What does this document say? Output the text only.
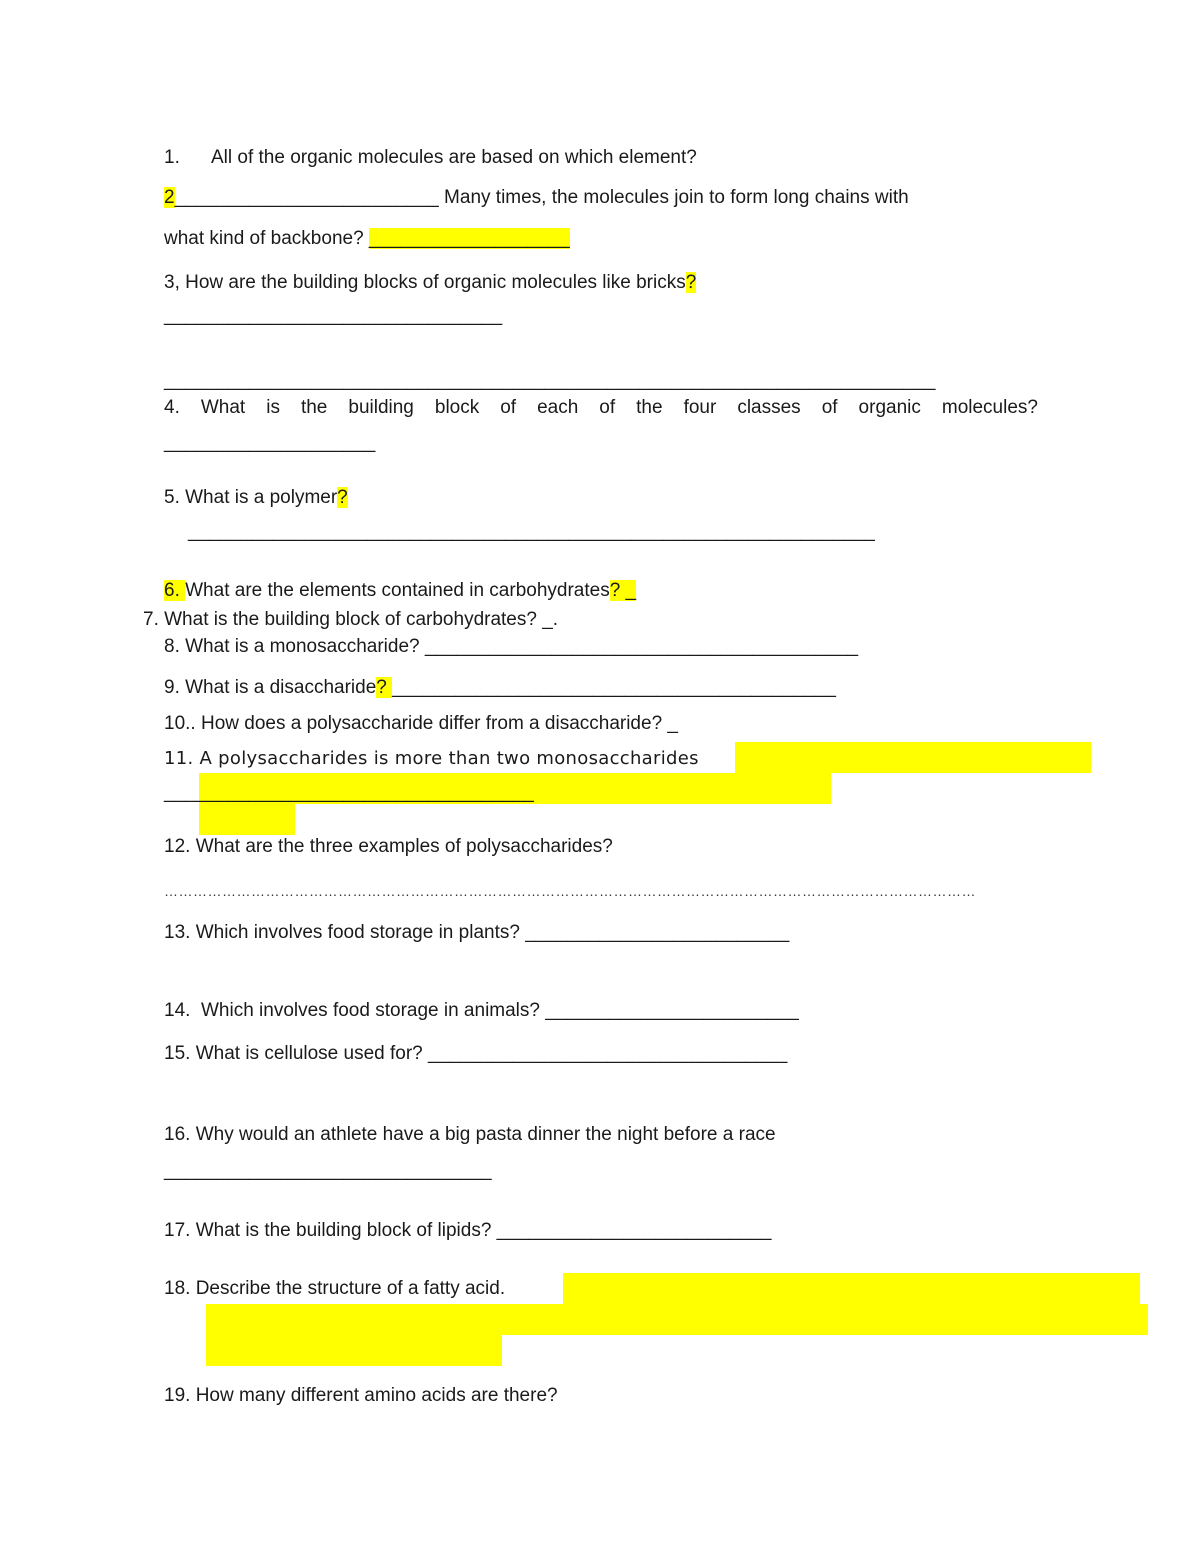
1. All of the organic molecules are based on which element?
2_________________________ Many times, the molecules join to form long chains with
what kind of backbone? ___________________
3, How are the building blocks of organic molecules like bricks?
________________________________
_________________________________________________________________________
4. What is the building block of each of the four classes of organic molecules?
____________________
5. What is a polymer?
_________________________________________________________________
6. What are the elements contained in carbohydrates? _
7. What is the building block of carbohydrates? _.
8. What is a monosaccharide? _________________________________________
9. What is a disaccharide? __________________________________________
10.. How does a polysaccharide differ from a disaccharide? _
11. A polysaccharides is more than two monosaccharides
___________________________________
12. What are the three examples of polysaccharides?
……………………………………………………………………………………………………………………………………………………
13. Which involves food storage in plants? _________________________
14.  Which involves food storage in animals? ________________________
15. What is cellulose used for? __________________________________
16. Why would an athlete have a big pasta dinner the night before a race
_______________________________
17. What is the building block of lipids? __________________________
18. Describe the structure of a fatty acid.
19. How many different amino acids are there?
